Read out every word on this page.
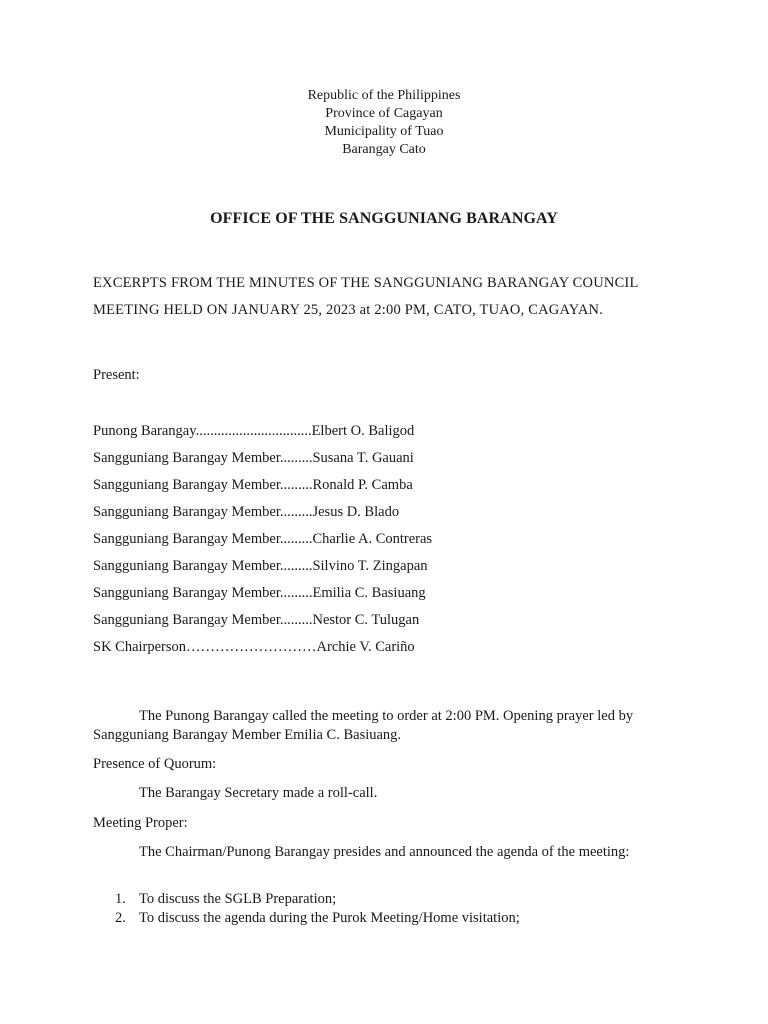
Republic of the Philippines
Province of Cagayan
Municipality of Tuao
Barangay Cato
OFFICE OF THE SANGGUNIANG BARANGAY
EXCERPTS FROM THE MINUTES OF THE SANGGUNIANG BARANGAY COUNCIL
MEETING HELD ON JANUARY 25, 2023 at 2:00 PM, CATO, TUAO, CAGAYAN.
Present:
Punong Barangay................................Elbert O. Baligod
Sangguniang Barangay Member.........Susana T. Gauani
Sangguniang Barangay Member.........Ronald P. Camba
Sangguniang Barangay Member.........Jesus D. Blado
Sangguniang Barangay Member.........Charlie A. Contreras
Sangguniang Barangay Member.........Silvino T. Zingapan
Sangguniang Barangay Member.........Emilia C. Basiuang
Sangguniang Barangay Member.........Nestor C. Tulugan
SK Chairperson………………………Archie V. Cariño
The Punong Barangay called the meeting to order at 2:00 PM. Opening prayer led by Sangguniang Barangay Member Emilia C. Basiuang.
Presence of Quorum:
The Barangay Secretary made a roll-call.
Meeting Proper:
The Chairman/Punong Barangay presides and announced the agenda of the meeting:
1. To discuss the SGLB Preparation;
2. To discuss the agenda during the Purok Meeting/Home visitation;
